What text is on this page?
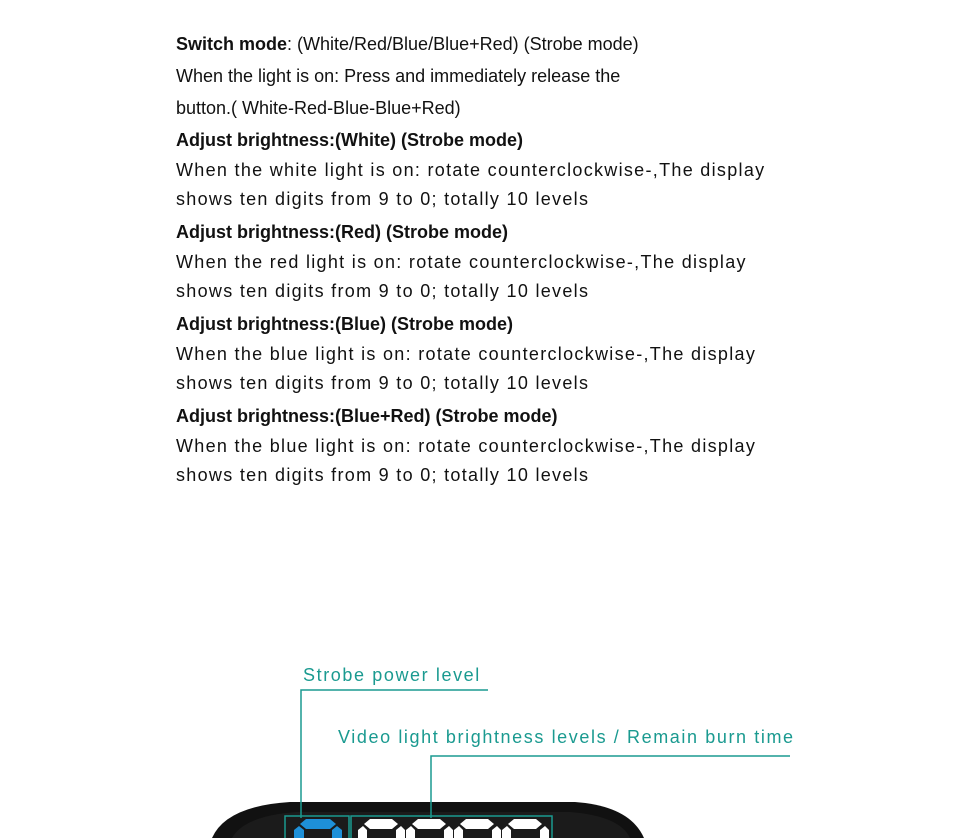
Switch mode: (White/Red/Blue/Blue+Red) (Strobe mode)
When the light is on: Press and immediately release the
button.( White-Red-Blue-Blue+Red)
Adjust brightness:(White) (Strobe mode)
When the white light is on: rotate counterclockwise-,The display
shows ten digits from 9 to 0; totally 10 levels
Adjust brightness:(Red) (Strobe mode)
When the red light is on: rotate counterclockwise-,The display
shows ten digits from 9 to 0; totally 10 levels
Adjust brightness:(Blue) (Strobe mode)
When the blue light is on: rotate counterclockwise-,The display
shows ten digits from 9 to 0; totally 10 levels
Adjust brightness:(Blue+Red) (Strobe mode)
When the blue light is on: rotate counterclockwise-,The display
shows ten digits from 9 to 0; totally 10 levels
Strobe power level
Video light brightness levels / Remain burn time
